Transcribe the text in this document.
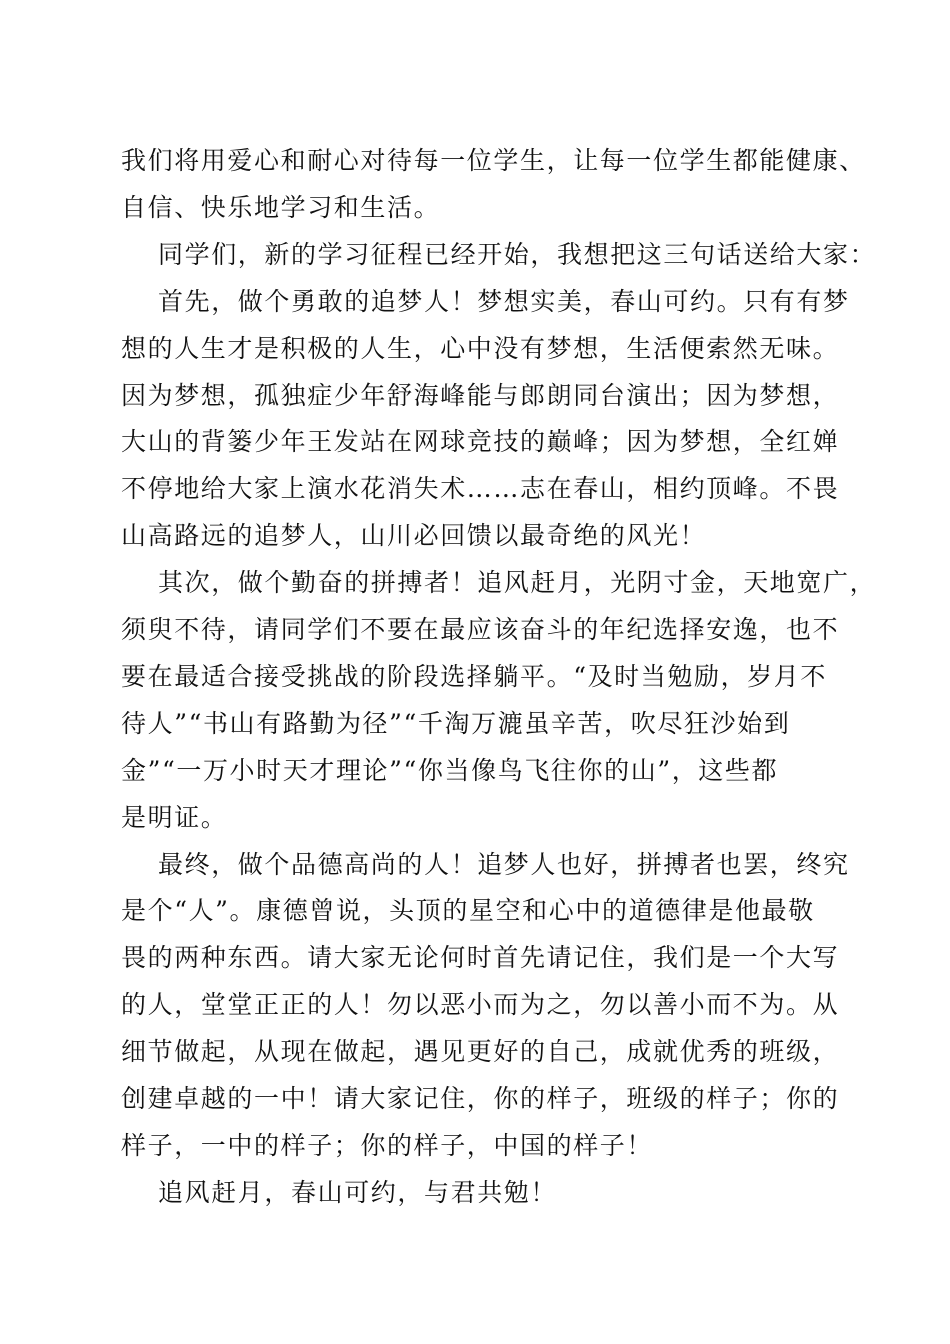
我们将用爱心和耐心对待每一位学生，让每一位学生都能健康、
自信、快乐地学习和生活。
同学们，新的学习征程已经开始，我想把这三句话送给大家：
首先，做个勇敢的追梦人！梦想实美，春山可约。只有有梦
想的人生才是积极的人生，心中没有梦想，生活便索然无味。
因为梦想，孤独症少年舒海峰能与郎朗同台演出；因为梦想，
大山的背篓少年王发站在网球竞技的巅峰；因为梦想，全红婵
不停地给大家上演水花消失术……志在春山，相约顶峰。不畏
山高路远的追梦人，山川必回馈以最奇绝的风光！
其次，做个勤奋的拼搏者！追风赶月，光阴寸金，天地宽广，
须臾不待，请同学们不要在最应该奋斗的年纪选择安逸，也不
要在最适合接受挑战的阶段选择躺平。“及时当勉励，岁月不
待人”“书山有路勤为径”“千淘万漉虽辛苦，吹尽狂沙始到
金”“一万小时天才理论”“你当像鸟飞往你的山”，这些都
是明证。
最终，做个品德高尚的人！追梦人也好，拼搏者也罢，终究
是个“人”。康德曾说，头顶的星空和心中的道德律是他最敬
畏的两种东西。请大家无论何时首先请记住，我们是一个大写
的人，堂堂正正的人！勿以恶小而为之，勿以善小而不为。从
细节做起，从现在做起，遇见更好的自己，成就优秀的班级，
创建卓越的一中！请大家记住，你的样子，班级的样子；你的
样子，一中的样子；你的样子，中国的样子！
追风赶月，春山可约，与君共勉！
